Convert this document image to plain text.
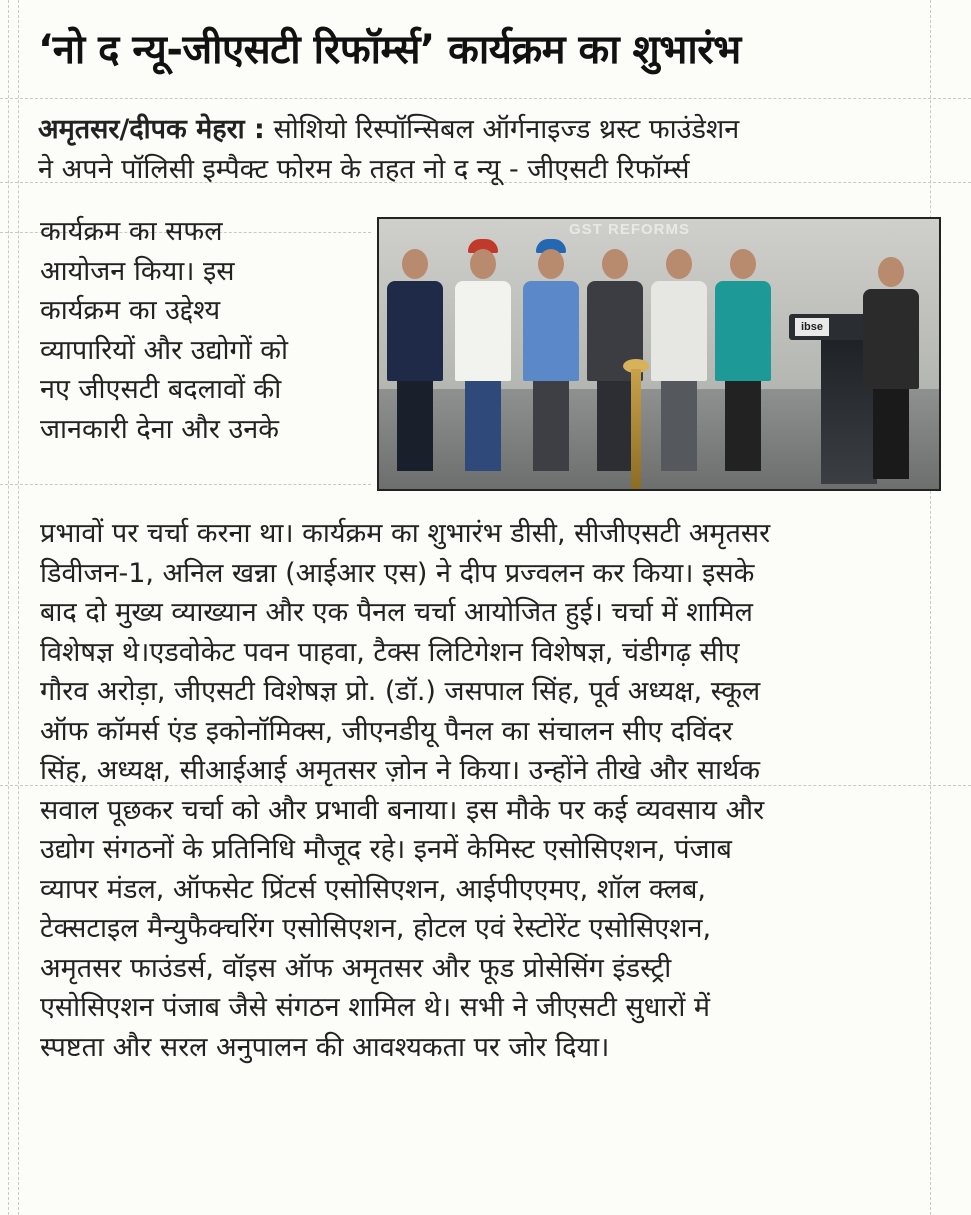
‘नो द न्यू-जीएसटी रिफॉर्म्स’ कार्यक्रम का शुभारंभ
अमृतसर/दीपक मेहरा : सोशियो रिस्पॉन्सिबल ऑर्गनाइज्ड थ्रस्ट फाउंडेशन
ने अपने पॉलिसी इम्पैक्ट फोरम के तहत नो द न्यू - जीएसटी रिफॉर्म्स
कार्यक्रम का सफल
आयोजन किया। इस
कार्यक्रम का उद्देश्य
व्यापारियों और उद्योगों को
नए जीएसटी बदलावों की
जानकारी देना और उनके
GST REFORMS
ibse
प्रभावों पर चर्चा करना था। कार्यक्रम का शुभारंभ डीसी, सीजीएसटी अमृतसर
डिवीजन-1, अनिल खन्ना (आईआर एस) ने दीप प्रज्वलन कर किया। इसके
बाद दो मुख्य व्याख्यान और एक पैनल चर्चा आयोजित हुई। चर्चा में शामिल
विशेषज्ञ थे।एडवोकेट पवन पाहवा, टैक्स लिटिगेशन विशेषज्ञ, चंडीगढ़ सीए
गौरव अरोड़ा, जीएसटी विशेषज्ञ प्रो. (डॉ.) जसपाल सिंह, पूर्व अध्यक्ष, स्कूल
ऑफ कॉमर्स एंड इकोनॉमिक्स, जीएनडीयू पैनल का संचालन सीए दविंदर
सिंह, अध्यक्ष, सीआईआई अमृतसर ज़ोन ने किया। उन्होंने तीखे और सार्थक
सवाल पूछकर चर्चा को और प्रभावी बनाया। इस मौके पर कई व्यवसाय और
उद्योग संगठनों के प्रतिनिधि मौजूद रहे। इनमें केमिस्ट एसोसिएशन, पंजाब
व्यापर मंडल, ऑफसेट प्रिंटर्स एसोसिएशन, आईपीएएमए, शॉल क्लब,
टेक्सटाइल मैन्युफैक्चरिंग एसोसिएशन, होटल एवं रेस्टोरेंट एसोसिएशन,
अमृतसर फाउंडर्स, वॉइस ऑफ अमृतसर और फूड प्रोसेसिंग इंडस्ट्री
एसोसिएशन पंजाब जैसे संगठन शामिल थे। सभी ने जीएसटी सुधारों में
स्पष्टता और सरल अनुपालन की आवश्यकता पर जोर दिया।
